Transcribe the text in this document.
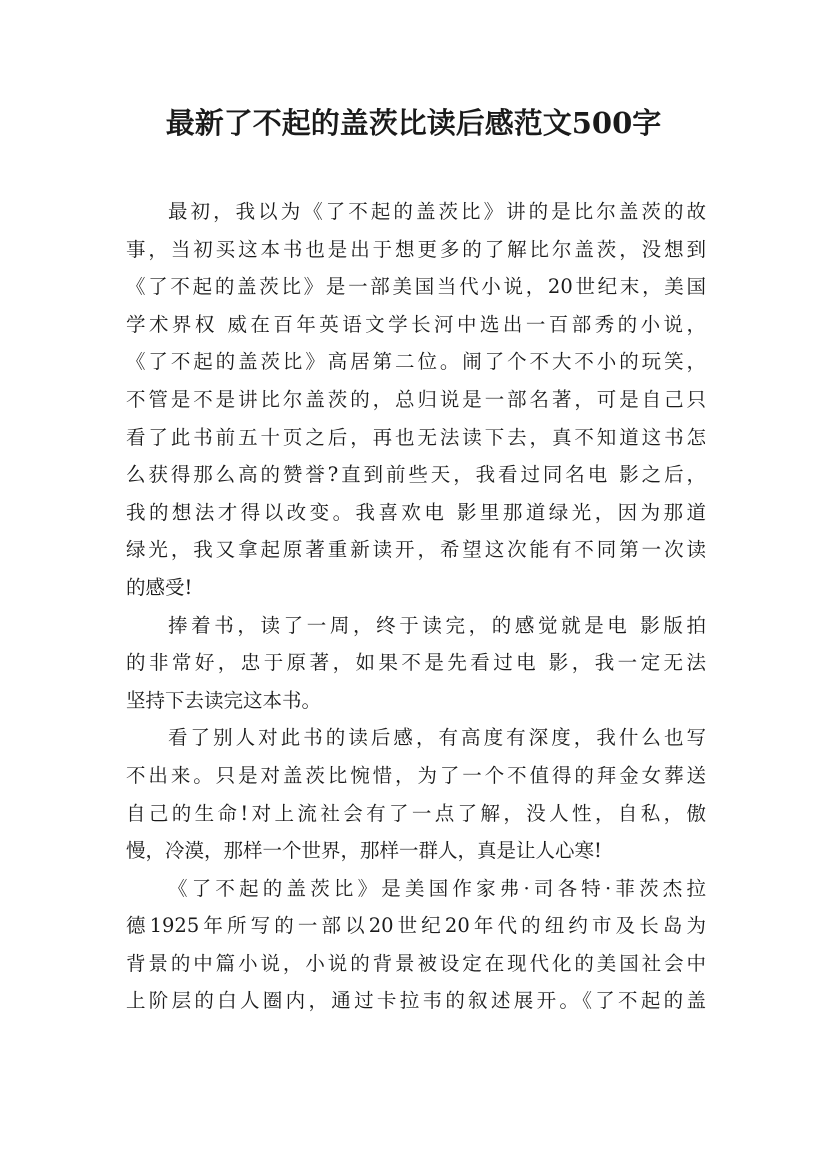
最新了不起的盖茨比读后感范文500字
最初，我以为《了不起的盖茨比》讲的是比尔盖茨的故
事，当初买这本书也是出于想更多的了解比尔盖茨，没想到
《了不起的盖茨比》是一部美国当代小说，20世纪末，美国
学术界权 威在百年英语文学长河中选出一百部秀的小说，
《了不起的盖茨比》高居第二位。闹了个不大不小的玩笑，
不管是不是讲比尔盖茨的，总归说是一部名著，可是自己只
看了此书前五十页之后，再也无法读下去，真不知道这书怎
么获得那么高的赞誉?直到前些天，我看过同名电 影之后，
我的想法才得以改变。我喜欢电 影里那道绿光，因为那道
绿光，我又拿起原著重新读开，希望这次能有不同第一次读
的感受!
捧着书，读了一周，终于读完，的感觉就是电 影版拍
的非常好，忠于原著，如果不是先看过电 影，我一定无法
坚持下去读完这本书。
看了别人对此书的读后感，有高度有深度，我什么也写
不出来。只是对盖茨比惋惜，为了一个不值得的拜金女葬送
自己的生命!对上流社会有了一点了解，没人性，自私，傲
慢，冷漠，那样一个世界，那样一群人，真是让人心寒!
《了不起的盖茨比》是美国作家弗·司各特·菲茨杰拉
德1925年所写的一部以20世纪20年代的纽约市及长岛为
背景的中篇小说，小说的背景被设定在现代化的美国社会中
上阶层的白人圈内，通过卡拉韦的叙述展开。《了不起的盖
